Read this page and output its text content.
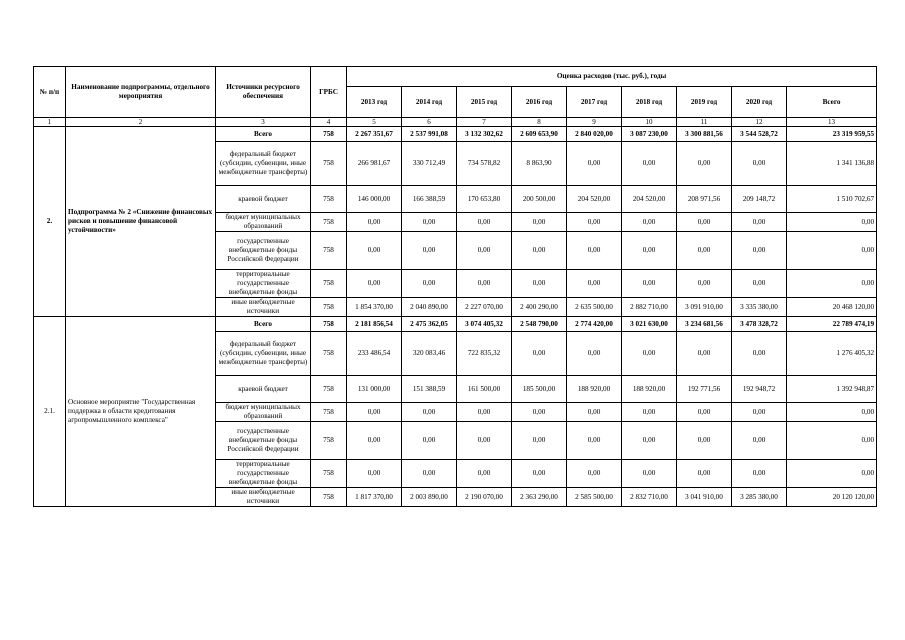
№ п/п	Наименование подпрограммы, отдельного мероприятия	Источники ресурсного обеспечения	ГРБС	Оценка расходов (тыс. руб.), годы								
				2013 год	2014 год	2015 год	2016 год	2017 год	2018 год	2019 год	2020 год	Всего
1	2	3	4	5	6	7	8	9	10	11	12	13
2.	Подпрограмма № 2 «Снижение финансовых рисков и повышение финансовой устойчивости»	Всего	758	2 267 351,67	2 537 991,08	3 132 302,62	2 609 653,90	2 840 020,00	3 087 230,00	3 300 881,56	3 544 528,72	23 319 959,55
		федеральный бюджет (субсидии, субвенции, иные межбюджетные трансферты)	758	266 981,67	330 712,49	734 578,82	8 863,90	0,00	0,00	0,00	0,00	1 341 136,88
		краевой бюджет	758	146 000,00	166 388,59	170 653,80	200 500,00	204 520,00	204 520,00	208 971,56	209 148,72	1 510 702,67
		бюджет муниципальных образований	758	0,00	0,00	0,00	0,00	0,00	0,00	0,00	0,00	0,00
		государственные внебюджетные фонды Российской Федерации	758	0,00	0,00	0,00	0,00	0,00	0,00	0,00	0,00	0,00
		территориальные государственные внебюджетные фонды	758	0,00	0,00	0,00	0,00	0,00	0,00	0,00	0,00	0,00
		иные внебюджетные источники	758	1 854 370,00	2 040 890,00	2 227 070,00	2 400 290,00	2 635 500,00	2 882 710,00	3 091 910,00	3 335 380,00	20 468 120,00
2.1.	Основное мероприятие "Государственная поддержка в области кредитования агропромышленного комплекса"	Всего	758	2 181 856,54	2 475 362,05	3 074 405,32	2 548 790,00	2 774 420,00	3 021 630,00	3 234 681,56	3 478 328,72	22 789 474,19
		федеральный бюджет (субсидии, субвенции, иные межбюджетные трансферты)	758	233 486,54	320 083,46	722 835,32	0,00	0,00	0,00	0,00	0,00	1 276 405,32
		краевой бюджет	758	131 000,00	151 388,59	161 500,00	185 500,00	188 920,00	188 920,00	192 771,56	192 948,72	1 392 948,87
		бюджет муниципальных образований	758	0,00	0,00	0,00	0,00	0,00	0,00	0,00	0,00	0,00
		государственные внебюджетные фонды Российской Федерации	758	0,00	0,00	0,00	0,00	0,00	0,00	0,00	0,00	0,00
		территориальные государственные внебюджетные фонды	758	0,00	0,00	0,00	0,00	0,00	0,00	0,00	0,00	0,00
		иные внебюджетные источники	758	1 817 370,00	2 003 890,00	2 190 070,00	2 363 290,00	2 585 500,00	2 832 710,00	3 041 910,00	3 285 380,00	20 120 120,00
